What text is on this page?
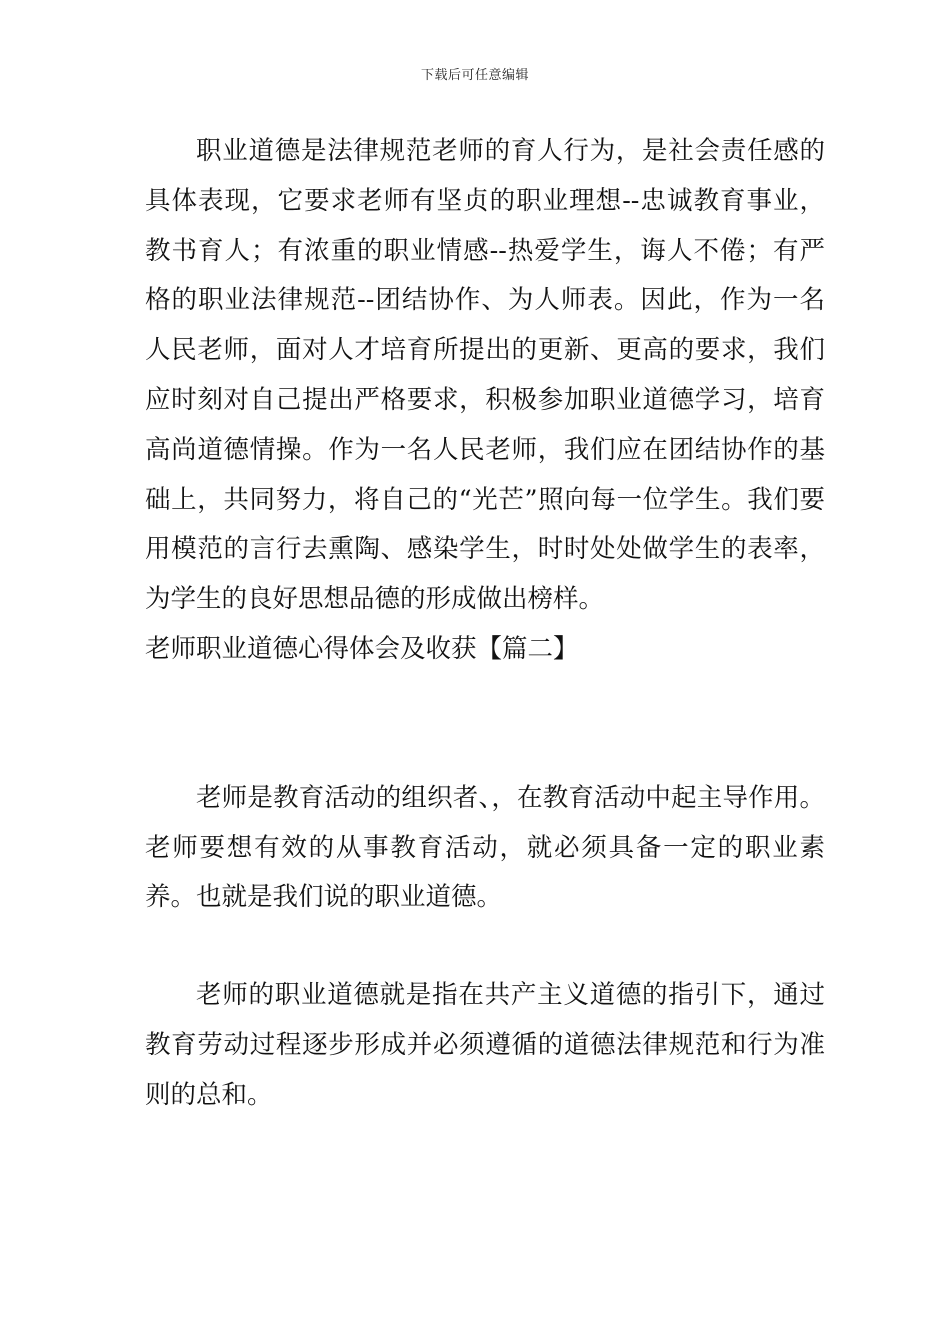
下载后可任意编辑

职业道德是法律规范老师的育人行为，是社会责任感的具体表现，它要求老师有坚贞的职业理想--忠诚教育事业，教书育人；有浓重的职业情感--热爱学生，诲人不倦；有严格的职业法律规范--团结协作、为人师表。因此，作为一名人民老师，面对人才培育所提出的更新、更高的要求，我们应时刻对自己提出严格要求，积极参加职业道德学习，培育高尚道德情操。作为一名人民老师，我们应在团结协作的基础上，共同努力，将自己的“光芒”照向每一位学生。我们要用模范的言行去熏陶、感染学生，时时处处做学生的表率，为学生的良好思想品德的形成做出榜样。

老师职业道德心得体会及收获【篇二】

老师是教育活动的组织者、，在教育活动中起主导作用。老师要想有效的从事教育活动，就必须具备一定的职业素养。也就是我们说的职业道德。

老师的职业道德就是指在共产主义道德的指引下，通过教育劳动过程逐步形成并必须遵循的道德法律规范和行为准则的总和。
